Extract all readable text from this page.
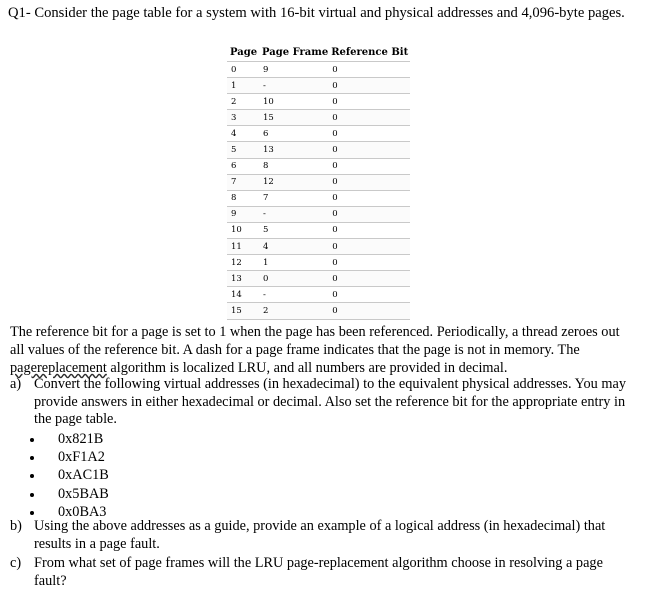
Q1- Consider the page table for a system with 16-bit virtual and physical addresses and 4,096-byte pages.
Page	Page Frame	Reference Bit
0	9	0
1	-	0
2	10	0
3	15	0
4	6	0
5	13	0
6	8	0
7	12	0
8	7	0
9	-	0
10	5	0
11	4	0
12	1	0
13	0	0
14	-	0
15	2	0
The reference bit for a page is set to 1 when the page has been referenced. Periodically, a thread zeroes out all values of the reference bit. A dash for a page frame indicates that the page is not in memory. The pagereplacement algorithm is localized LRU, and all numbers are provided in decimal.
a) Convert the following virtual addresses (in hexadecimal) to the equivalent physical addresses. You may provide answers in either hexadecimal or decimal. Also set the reference bit for the appropriate entry in the page table.
0x821B
0xF1A2
0xAC1B
0x5BAB
0x0BA3
b) Using the above addresses as a guide, provide an example of a logical address (in hexadecimal) that results in a page fault.
c) From what set of page frames will the LRU page-replacement algorithm choose in resolving a page fault?
